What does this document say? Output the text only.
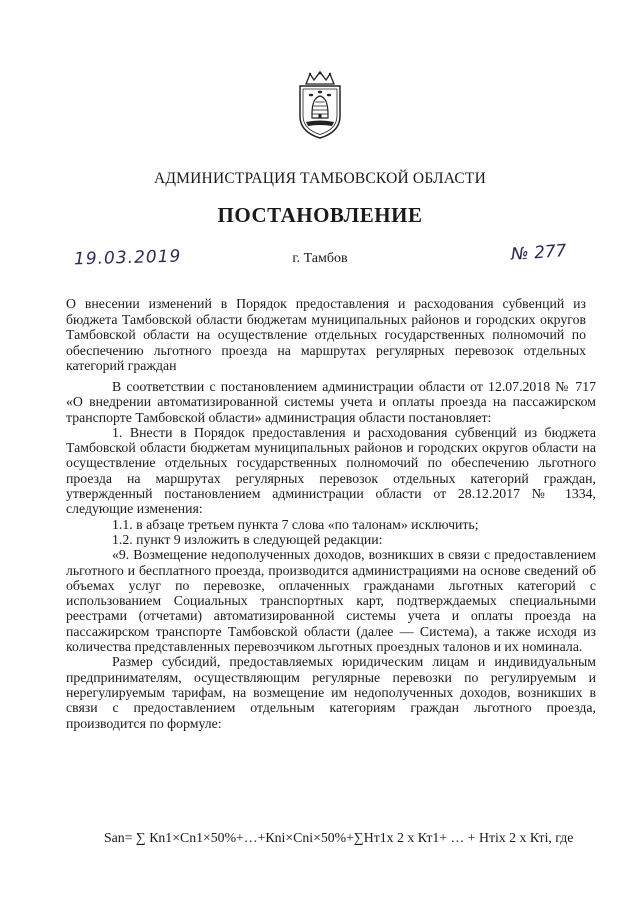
АДМИНИСТРАЦИЯ ТАМБОВСКОЙ ОБЛАСТИ
ПОСТАНОВЛЕНИЕ
19.03.2019	г. Тамбов	№ 277
О внесении изменений в Порядок предоставления и расходования субвенций из бюджета Тамбовской области бюджетам муниципальных районов и городских округов Тамбовской области на осуществление отдельных государственных полномочий по обеспечению льготного проезда на маршрутах регулярных перевозок отдельных категорий граждан

В соответствии с постановлением администрации области от 12.07.2018 № 717 «О внедрении автоматизированной системы учета и оплаты проезда на пассажирском транспорте Тамбовской области» администрация области постановляет:

1. Внести в Порядок предоставления и расходования субвенций из бюджета Тамбовской области бюджетам муниципальных районов и городских округов области на осуществление отдельных государственных полномочий по обеспечению льготного проезда на маршрутах регулярных перевозок отдельных категорий граждан, утвержденный постановлением администрации области от 28.12.2017 № 1334, следующие изменения:

1.1. в абзаце третьем пункта 7 слова «по талонам» исключить;

1.2. пункт 9 изложить в следующей редакции:

«9. Возмещение недополученных доходов, возникших в связи с предоставлением льготного и бесплатного проезда, производится администрациями на основе сведений об объемах услуг по перевозке, оплаченных гражданами льготных категорий с использованием Социальных транспортных карт, подтверждаемых специальными реестрами (отчетами) автоматизированной системы учета и оплаты проезда на пассажирском транспорте Тамбовской области (далее — Система), а также исходя из количества представленных перевозчиком льготных проездных талонов и их номинала.

Размер субсидий, предоставляемых юридическим лицам и индивидуальным предпринимателям, осуществляющим регулярные перевозки по регулируемым и нерегулируемым тарифам, на возмещение им недополученных доходов, возникших в связи с предоставлением отдельным категориям граждан льготного проезда, производится по формуле:

Sаn= ∑ Кn1×Сn1×50%+…+Кni×Сni×50%+∑Нт1х 2 х Кт1+ … + Нтiх 2 х Ктi, где
